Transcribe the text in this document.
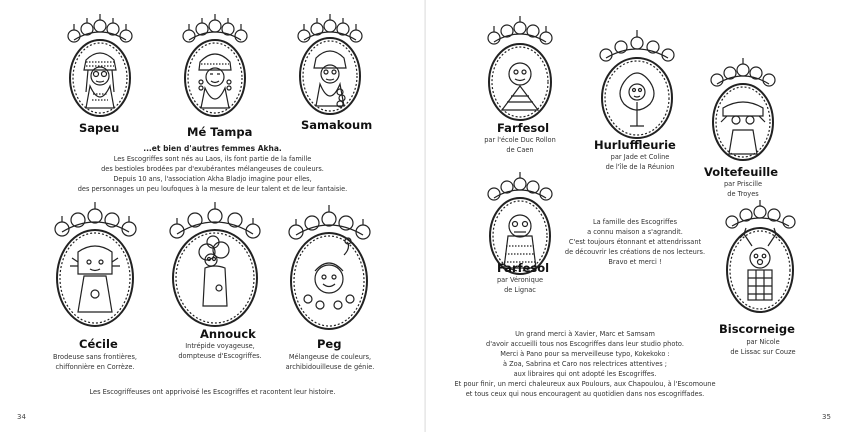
Sapeu	Mé Tampa	Samakoum
...et bien d'autres femmes Akha.
Les Escogriffes sont nés au Laos, ils font partie de la famille
des bestioles brodées par d'exubérantes mélangeuses de couleurs.
Depuis 10 ans, l'association Akha Bladjo imagine pour elles,
des personnages un peu loufoques à la mesure de leur talent et de leur fantaisie.
Cécile
Brodeuse sans frontières,
chiffonnière en Corrèze.
Annouck
Intrépide voyageuse,
dompteuse d'Escogriffes.
Peg
Mélangeuse de couleurs,
archibidouilleuse de génie.
Les Escogriffeuses ont apprivoisé les Escogriffes et racontent leur histoire.
34
Farfesol
par l'école Duc Rollon
de Caen	Hurluffleurie
par Jade et Coline
de l'île de la Réunion	Voltefeuille
par Priscille
de Troyes
Farfesol
par Véronique
de Lignac
La famille des Escogriffes
a connu maison a s'agrandit.
C'est toujours étonnant et attendrissant
de découvrir les créations de nos lecteurs.
Bravo et merci !
Biscorneige
par Nicole
de Lissac sur Couze
Un grand merci à Xavier, Marc et Samsam
d'avoir accueilli tous nos Escogriffes dans leur studio photo.
Merci à Pano pour sa merveilleuse typo, Kokekoko :
à Zoa, Sabrina et Caro nos relectrices attentives ;
aux libraires qui ont adopté les Escogriffes.
Et pour finir, un merci chaleureux aux Poulours, aux Chapoulou, à l'Escomoune
et tous ceux qui nous encouragent au quotidien dans nos escogriffades.
35
